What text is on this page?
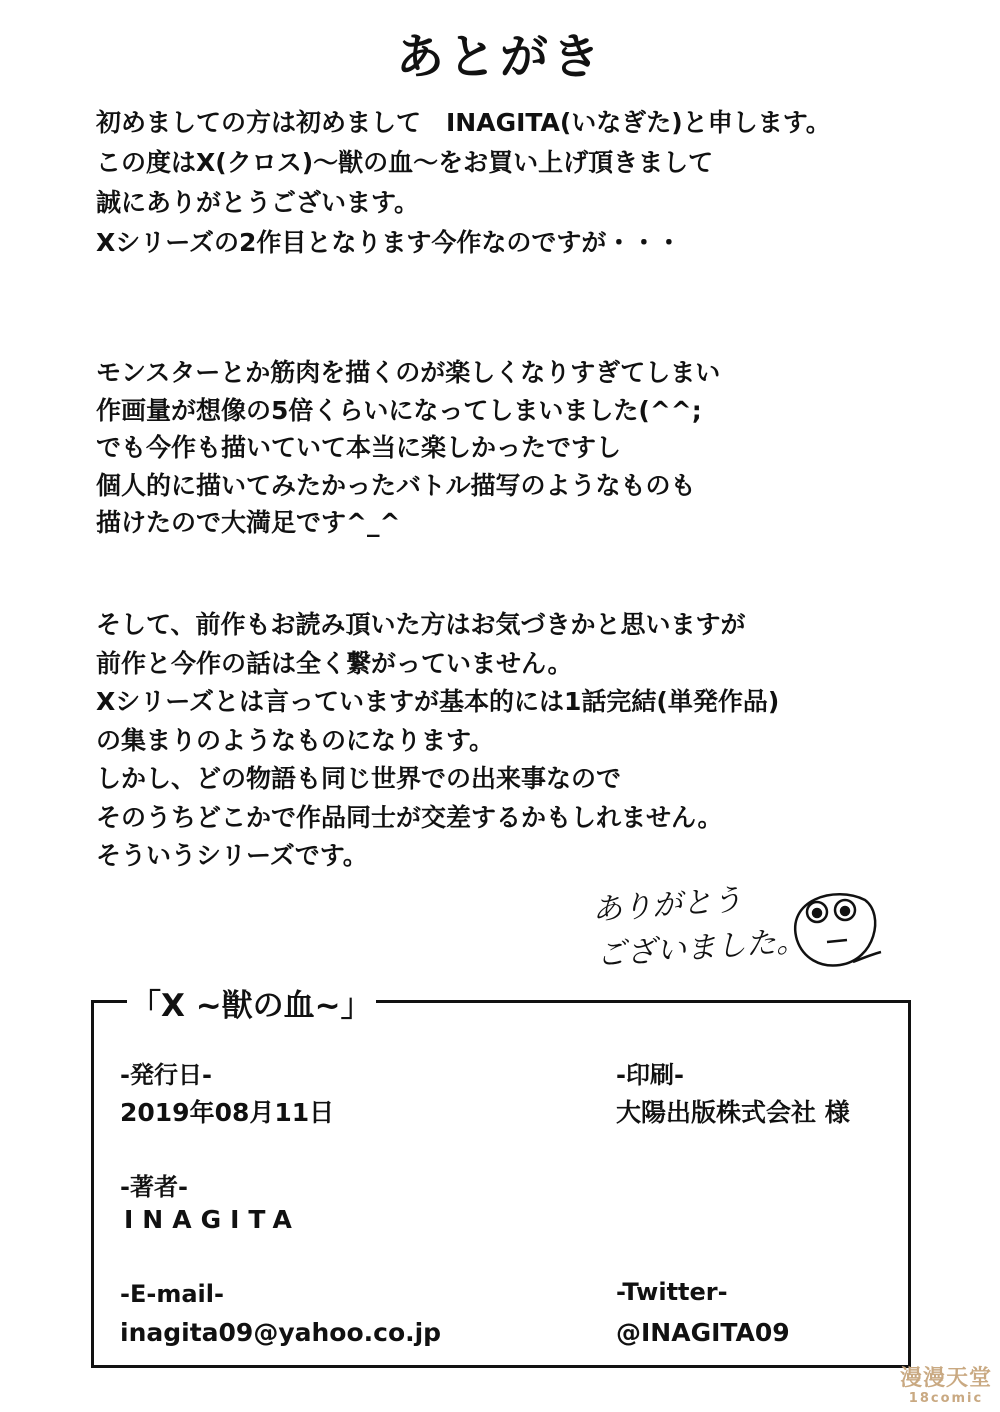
あとがき
初めましての方は初めまして　INAGITA(いなぎた)と申します。
この度はX(クロス)〜獣の血〜をお買い上げ頂きまして
誠にありがとうございます。
Xシリーズの2作目となります今作なのですが・・・
モンスターとか筋肉を描くのが楽しくなりすぎてしまい
作画量が想像の5倍くらいになってしまいました(^^;
でも今作も描いていて本当に楽しかったですし
個人的に描いてみたかったバトル描写のようなものも
描けたので大満足です^_^
そして、前作もお読み頂いた方はお気づきかと思いますが
前作と今作の話は全く繋がっていません。
Xシリーズとは言っていますが基本的には1話完結(単発作品)
の集まりのようなものになります。
しかし、どの物語も同じ世界での出来事なので
そのうちどこかで作品同士が交差するかもしれません。
そういうシリーズです。
ありがとう
ございました。
「X ~獣の血~」
-発行日-
2019年08月11日
-印刷-
大陽出版株式会社 様
-著者-
INAGITA
-E-mail-
inagita09@yahoo.co.jp
-Twitter-
@INAGITA09
漫漫天堂
18comic
